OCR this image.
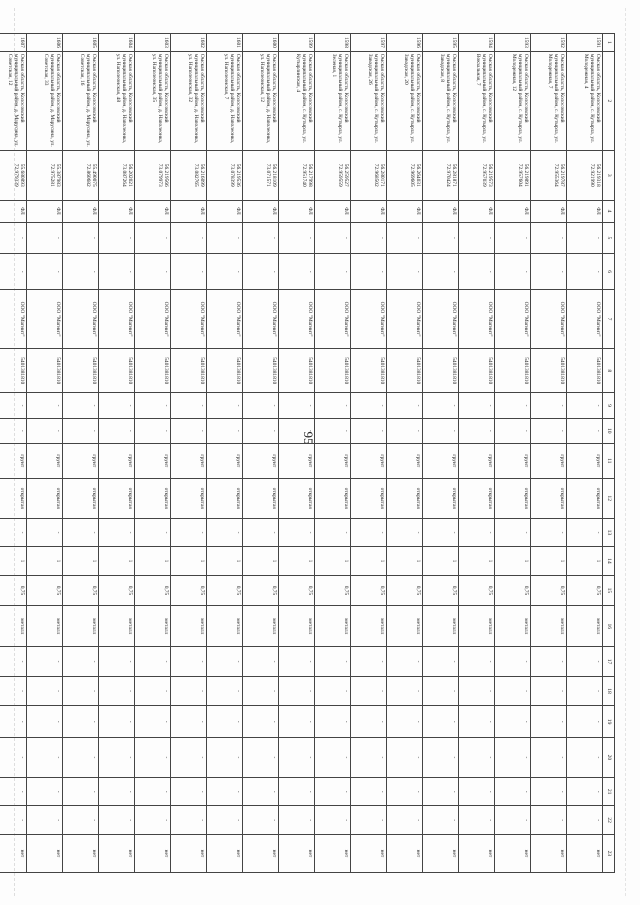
95
1	2	3	4	5	6	7	8	9	10	11	12	13	14	15	16	17	18	19	20	21	22	23
1591	Омская область, Колосовский муниципальный район, с. Кутырла, ул. Молодежная, 4	56.219318 72.921990	ФЛ	-	-	ООО "Магнит"	5401381810	-	-	грунт	открытая	-	1	0,75	металл	-	-	-	-	-	-	нет
1592	Омская область, Колосовский муниципальный район, с. Кутырла, ул. Молодежная, 7	56.219787 72.955364	ФЛ	-	-	ООО "Магнит"	5401381810	-	-	грунт	открытая	-	1	0,75	металл	-	-	-	-	-	-	нет
1593	Омская область, Колосовский муниципальный район, с. Кутырла, ул. Молодежная, 12	56.219891 72.957604	ФЛ	-	-	ООО "Магнит"	5401381810	-	-	грунт	открытая	-	1	0,75	металл	-	-	-	-	-	-	нет
1594	Омская область, Колосовский муниципальный район, с. Кутырла, ул. Вокзальная, 7	56.219573 72.957039	ФЛ	-	-	ООО "Магнит"	5401381810	-	-	грунт	открытая	-	1	0,75	металл	-	-	-	-	-	-	нет
1595	Омская область, Колосовский муниципальный район, с. Кутырла, ул. Заводская, 8	56.281871 72.970424	ФЛ	-	-	ООО "Магнит"	5401381810	-	-	грунт	открытая	-	1	0,75	металл	-	-	-	-	-	-	нет
1596	Омская область, Колосовский муниципальный район, с. Кутырла, ул. Заводская, 20	56.264031 72.969605	ФЛ	-	-	ООО "Магнит"	5401381810	-	-	грунт	открытая	-	1	0,75	металл	-	-	-	-	-	-	нет
1597	Омская область, Колосовский муниципальный район, с. Кутырла, ул. Заводская, 26	56.280171 72.968502	ФЛ	-	-	ООО "Магнит"	5401381810	-	-	грунт	открытая	-	1	0,75	металл	-	-	-	-	-	-	нет
1598	Омская область, Колосовский муниципальный район, с. Кутырла, ул. Зеленая, 1	56.259527 72.959559	ФЛ	-	-	ООО "Магнит"	5401381810	-	-	грунт	открытая	-	1	0,75	металл	-	-	-	-	-	-	нет
1599	Омская область, Колосовский муниципальный район, с. Кутырла, ул. Кутырлинская, 4	56.217998 72.951740	ФЛ	-	-	ООО "Магнит"	5401381810	-	-	грунт	открытая	-	1	0,75	металл	-	-	-	-	-	-	нет
1600	Омская область, Колосовский муниципальный район, д. Наполеонка, ул. Наполеонская, 12	56.218109 73.071571	ФЛ	-	-	ООО "Магнит"	5401381810	-	-	грунт	открытая	-	1	0,75	металл	-	-	-	-	-	-	нет
1601	Омская область, Колосовский муниципальный район, д. Наполеонка, ул. Наполеонская, 7	56.219536 73.078399	ФЛ	-	-	ООО "Магнит"	5401381810	-	-	грунт	открытая	-	1	0,75	металл	-	-	-	-	-	-	нет
1602	Омская область, Колосовский муниципальный район, д. Наполеонка, ул. Наполеонская, 32	56.216099 73.082765	ФЛ	-	-	ООО "Магнит"	5401381810	-	-	грунт	открытая	-	1	0,75	металл	-	-	-	-	-	-	нет
1603	Омская область, Колосовский муниципальный район, д. Наполеонка, ул. Наполеонская, 35	56.219566 73.079973	ФЛ	-	-	ООО "Магнит"	5401381810	-	-	грунт	открытая	-	1	0,75	металл	-	-	-	-	-	-	нет
1604	Омская область, Колосовский муниципальный район, д. Наполеонка, ул. Наполеонская, 48	56.202021 73.087264	ФЛ	-	-	ООО "Магнит"	5401381810	-	-	грунт	открытая	-	1	0,75	металл	-	-	-	-	-	-	нет
1605	Омская область, Колосовский муниципальный район, д. Марусина, ул. Советская, 16	55.490075 72.860682	ФЛ	-	-	ООО "Магнит"	5401381810	-	-	грунт	открытая	-	1	0,75	металл	-	-	-	-	-	-	нет
1606	Омская область, Колосовский муниципальный район, д. Марусина, ул. Советская, 33	55.387983 72.975281	ФЛ	-	-	ООО "Магнит"	5401381810	-	-	грунт	открытая	-	1	0,75	металл	-	-	-	-	-	-	нет
1607	Омская область, Колосовский муниципальный район, д. Марусина, ул. Советская, 12	55.680893 72.979339	ФЛ	-	-	ООО "Магнит"	5401381810	-	-	грунт	открытая	-	1	0,75	металл	-	-	-	-	-	-	нет
